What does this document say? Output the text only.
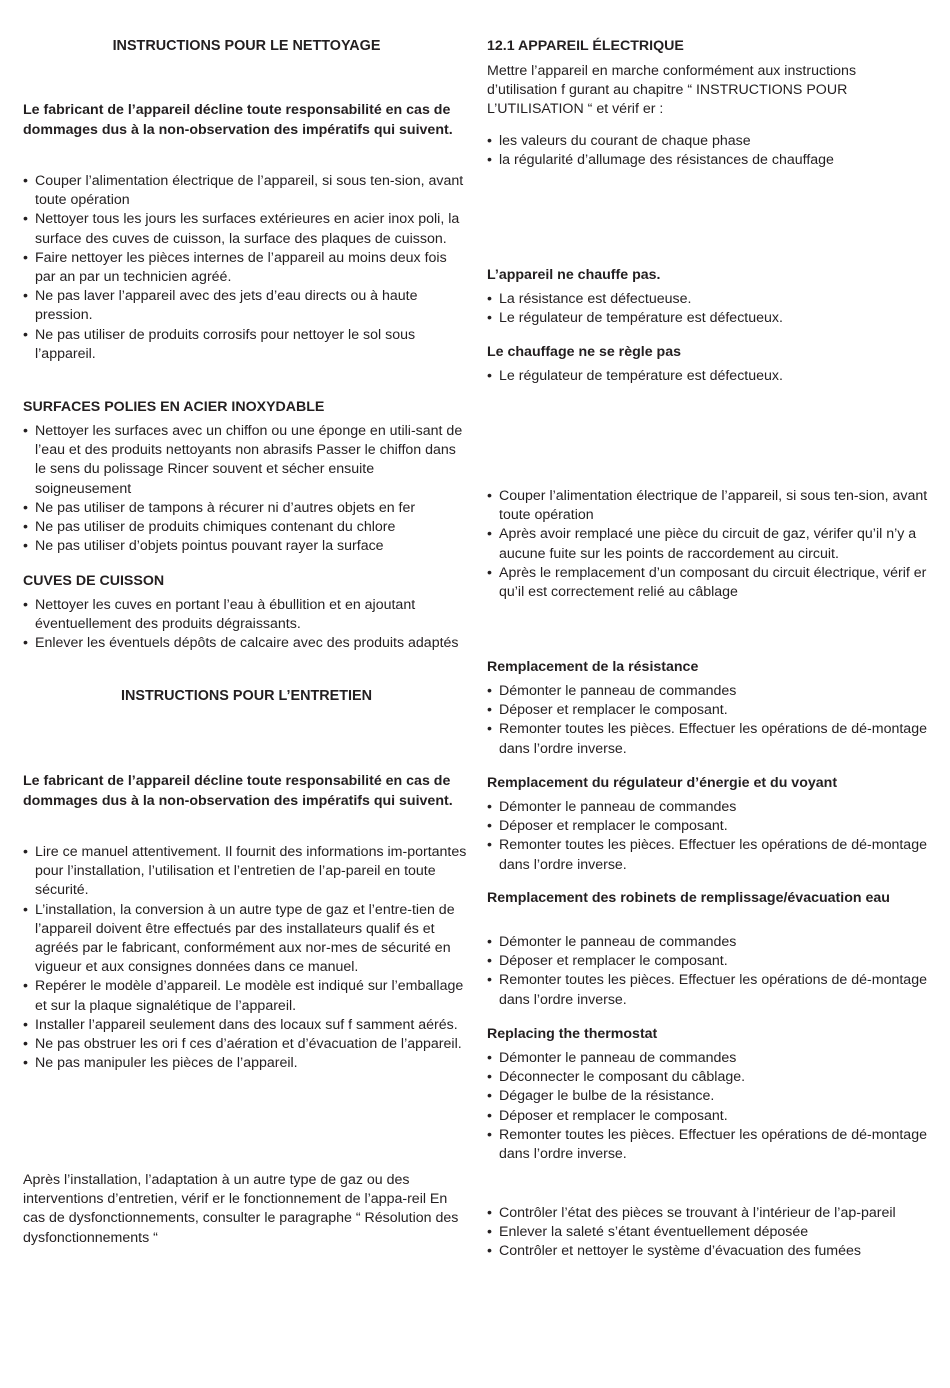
INSTRUCTIONS POUR LE NETTOYAGE

Le fabricant de l’appareil décline toute responsabilité en cas de dommages dus à la non-observation des impératifs qui suivent.

• Couper l’alimentation électrique de l’appareil, si sous ten-sion, avant toute opération
• Nettoyer tous les jours les surfaces extérieures en acier inox poli, la surface des cuves de cuisson, la surface des plaques de cuisson.
• Faire nettoyer les pièces internes de l’appareil au moins deux fois par an par un technicien agréé.
• Ne pas laver l’appareil avec des jets d’eau directs ou à haute pression.
• Ne pas utiliser de produits corrosifs pour nettoyer le sol sous l’appareil.
SURFACES POLIES EN ACIER INOXYDABLE
• Nettoyer les surfaces avec un chiffon ou une éponge en utili-sant de l’eau et des produits nettoyants non abrasifs Passer le chiffon dans le sens du polissage Rincer souvent et sécher ensuite soigneusement
• Ne pas utiliser de tampons à récurer ni d’autres objets en fer
• Ne pas utiliser de produits chimiques contenant du chlore
• Ne pas utiliser d’objets pointus pouvant rayer la surface
CUVES DE CUISSON
• Nettoyer les cuves en portant l’eau à ébullition et en ajoutant éventuellement des produits dégraissants.
• Enlever les éventuels dépôts de calcaire avec des produits adaptés
INSTRUCTIONS POUR L’ENTRETIEN

Le fabricant de l’appareil décline toute responsabilité en cas de dommages dus à la non-observation des impératifs qui suivent.

• Lire ce manuel attentivement. Il fournit des informations im-portantes pour l’installation, l’utilisation et l’entretien de l’ap-pareil en toute sécurité.
• L’installation, la conversion à un autre type de gaz et l’entre-tien de l’appareil doivent être effectués par des installateurs qualif és et agréés par le fabricant, conformément aux nor-mes de sécurité en vigueur et aux consignes données dans ce manuel.
• Repérer le modèle d’appareil. Le modèle est indiqué sur l’emballage et sur la plaque signalétique de l’appareil.
• Installer l’appareil seulement dans des locaux suf f samment aérés.
• Ne pas obstruer les ori f ces d’aération et d’évacuation de l’appareil.
• Ne pas manipuler les pièces de l’appareil.

Après l’installation, l’adaptation à un autre type de gaz ou des interventions d’entretien, vérif er le fonctionnement de l’appa-reil En cas de dysfonctionnements, consulter le paragraphe “ Résolution des dysfonctionnements “

12.1 APPAREIL ÉLECTRIQUE

Mettre l’appareil en marche conformément aux instructions d’utilisation f gurant au chapitre “ INSTRUCTIONS POUR L’UTILISATION “ et vérif er :

• les valeurs du courant de chaque phase
• la régularité d’allumage des résistances de chauffage
L’appareil ne chauffe pas.
• La résistance est défectueuse.
• Le régulateur de température est défectueux.
Le chauffage ne se règle pas
• Le régulateur de température est défectueux.
• Couper l’alimentation électrique de l’appareil, si sous ten-sion, avant toute opération
• Après avoir remplacé une pièce du circuit de gaz, vérifer qu’il n’y a aucune fuite sur les points de raccordement au circuit.
• Après le remplacement d’un composant du circuit électrique, vérif er qu’il est correctement relié au câblage
Remplacement de la résistance
• Démonter le panneau de commandes
• Déposer et remplacer le composant.
• Remonter toutes les pièces. Effectuer les opérations de dé-montage dans l’ordre inverse.
Remplacement du régulateur d’énergie et du voyant
• Démonter le panneau de commandes
• Déposer et remplacer le composant.
• Remonter toutes les pièces. Effectuer les opérations de dé-montage dans l’ordre inverse.
Remplacement des robinets de remplissage/évacuation eau
• Démonter le panneau de commandes
• Déposer et remplacer le composant.
• Remonter toutes les pièces. Effectuer les opérations de dé-montage dans l’ordre inverse.
Replacing the thermostat
• Démonter le panneau de commandes
• Déconnecter le composant du câblage.
• Dégager le bulbe de la résistance.
• Déposer et remplacer le composant.
• Remonter toutes les pièces. Effectuer les opérations de dé-montage dans l’ordre inverse.
• Contrôler l’état des pièces se trouvant à l’intérieur de l’ap-pareil
• Enlever la saleté s’étant éventuellement déposée
• Contrôler et nettoyer le système d’évacuation des fumées
